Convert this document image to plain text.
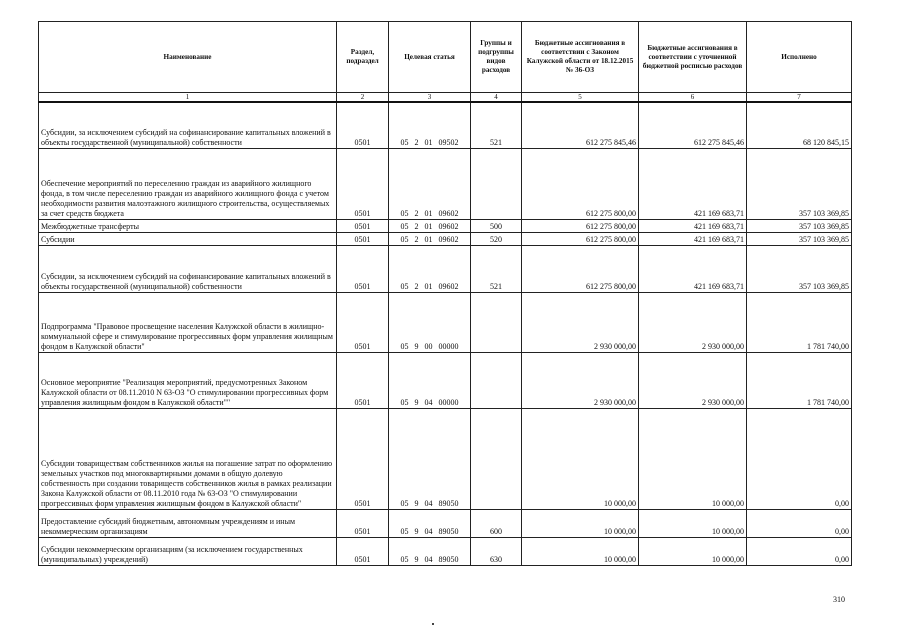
Наименование	Раздел, подраздел	Целевая статья	Группы и подгруппы видов расходов	Бюджетные ассигнования в соответствии с Законом Калужской области от 18.12.2015 № 36-ОЗ	Бюджетные ассигнования в соответствии с уточненной бюджетной росписью расходов	Исполнено
1	2	3	4	5	6	7
Субсидии, за исключением субсидий на софинансирование капитальных вложений в объекты государственной (муниципальной) собственности	0501	05 2 01 09502	521	612 275 845,46	612 275 845,46	68 120 845,15
Обеспечение мероприятий по переселению граждан из аварийного жилищного фонда, в том числе переселению граждан из аварийного жилищного фонда с учетом необходимости развития малоэтажного жилищного строительства, осуществляемых за счет средств бюджета	0501	05 2 01 09602		612 275 800,00	421 169 683,71	357 103 369,85
Межбюджетные трансферты	0501	05 2 01 09602	500	612 275 800,00	421 169 683,71	357 103 369,85
Субсидии	0501	05 2 01 09602	520	612 275 800,00	421 169 683,71	357 103 369,85
Субсидии, за исключением субсидий на софинансирование капитальных вложений в объекты государственной (муниципальной) собственности	0501	05 2 01 09602	521	612 275 800,00	421 169 683,71	357 103 369,85
Подпрограмма "Правовое просвещение населения Калужской области в жилищно-коммунальной сфере и стимулирование прогрессивных форм управления жилищным фондом в Калужской области"	0501	05 9 00 00000		2 930 000,00	2 930 000,00	1 781 740,00
Основное мероприятие "Реализация мероприятий, предусмотренных Законом Калужской области от 08.11.2010 N 63-ОЗ "О стимулировании прогрессивных форм управления жилищным фондом в Калужской области""	0501	05 9 04 00000		2 930 000,00	2 930 000,00	1 781 740,00
Субсидии товариществам собственников жилья на погашение затрат по оформлению земельных участков под многоквартирными домами в общую долевую собственность при создании товариществ собственников жилья в рамках реализации Закона Калужской области от 08.11.2010 года № 63-ОЗ "О стимулировании прогрессивных форм управления жилищным фондом в Калужской области"	0501	05 9 04 89050		10 000,00	10 000,00	0,00
Предоставление субсидий бюджетным, автономным учреждениям и иным некоммерческим организациям	0501	05 9 04 89050	600	10 000,00	10 000,00	0,00
Субсидии некоммерческим организациям (за исключением государственных (муниципальных) учреждений)	0501	05 9 04 89050	630	10 000,00	10 000,00	0,00
310
